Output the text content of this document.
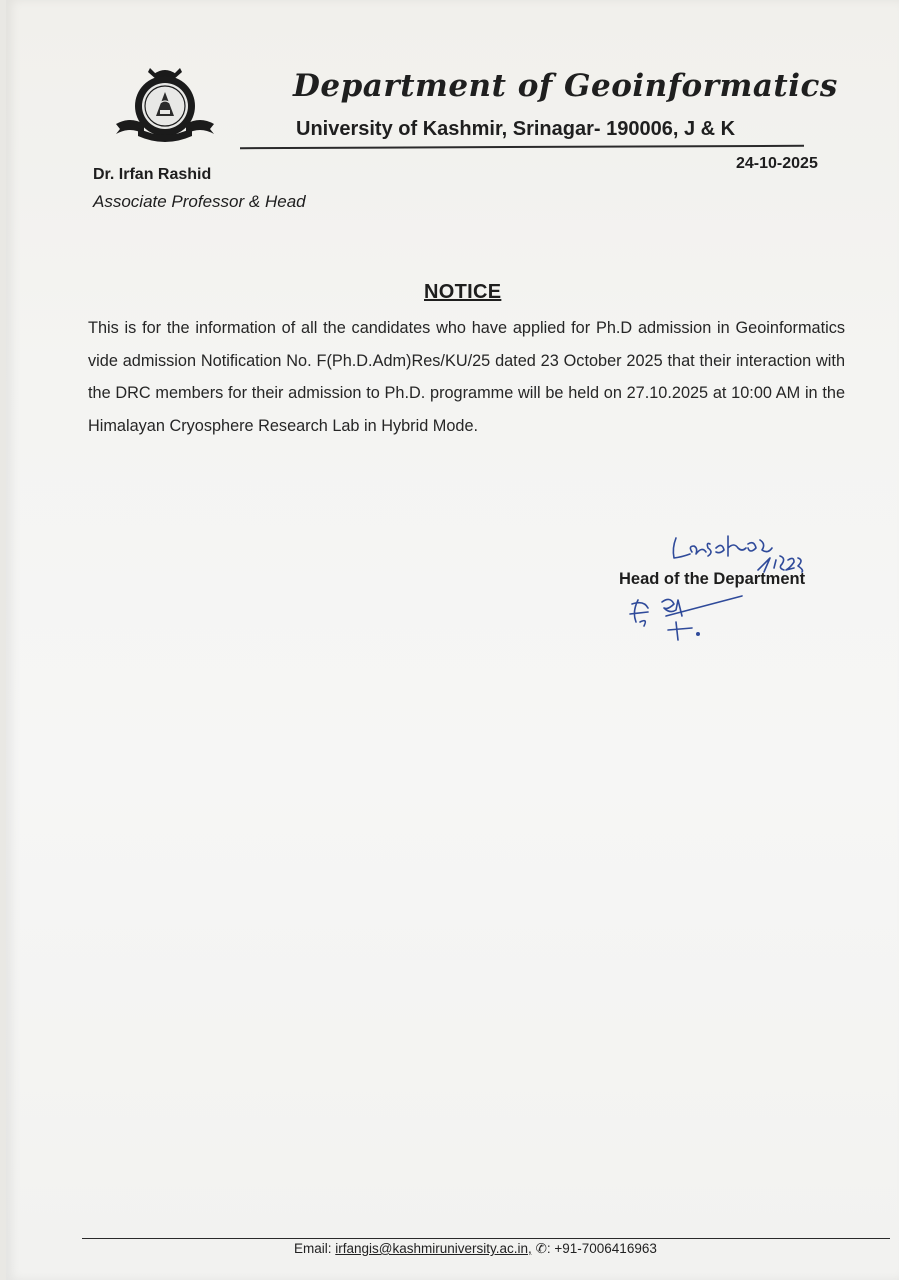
Department of Geoinformatics
University of Kashmir, Srinagar- 190006, J & K
24-10-2025
Dr. Irfan Rashid
Associate Professor & Head
NOTICE

This is for the information of all the candidates who have applied for Ph.D admission in Geoinformatics vide admission Notification No. F(Ph.D.Adm)Res/KU/25 dated 23 October 2025 that their interaction with the DRC members for their admission to Ph.D. programme will be held on 27.10.2025 at 10:00 AM in the Himalayan Cryosphere Research Lab in Hybrid Mode.

Head of the Department
Email: irfangis@kashmiruniversity.ac.in, ✆: +91-7006416963
